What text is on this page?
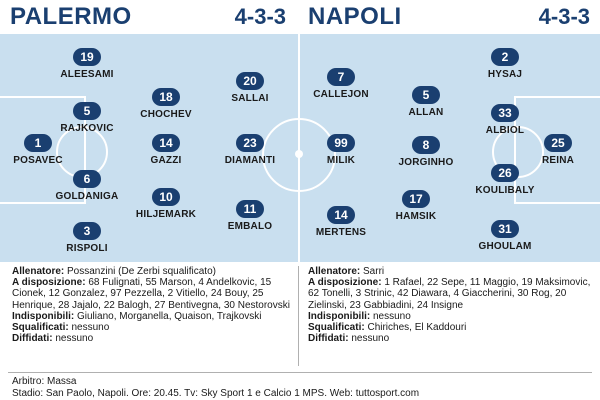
PALERMO	4-3-3 NAPOLI	4-3-3
19
ALEESAMI
5
RAJKOVIC
1
POSAVEC
6
GOLDANIGA
3
RISPOLI
18
CHOCHEV
14
GAZZI
10
HILJEMARK
20
SALLAI
23
DIAMANTI
11
EMBALO
7
CALLEJON
99
MILIK
14
MERTENS
5
ALLAN
8
JORGINHO
17
HAMSIK
2
HYSAJ
33
ALBIOL
26
KOULIBALY
31
GHOULAM
25
REINA

Allenatore: Possanzini (De Zerbi squalificato)

A disposizione: 68 Fulignati, 55 Marson, 4 Andelkovic, 15 Cionek, 12 Gonzalez, 97 Pezzella, 2 Vitiello, 24 Bouy, 25 Henrique, 28 Jajalo, 22 Balogh, 27 Bentivegna, 30 Nestorovski

Indisponibili: Giuliano, Morganella, Quaison, Trajkovski

Squalificati: nessuno

Diffidati: nessuno

Allenatore: Sarri

A disposizione: 1 Rafael, 22 Sepe, 11 Maggio, 19 Maksimovic, 62 Tonelli, 3 Strinic, 42 Diawara, 4 Giaccherini, 30 Rog, 20 Zielinski, 23 Gabbiadini, 24 Insigne

Indisponibili: nessuno

Squalificati: Chiriches, El Kaddouri

Diffidati: nessuno

Arbitro: Massa

Stadio: San Paolo, Napoli. Ore: 20.45. Tv: Sky Sport 1 e Calcio 1 MPS. Web: tuttosport.com
